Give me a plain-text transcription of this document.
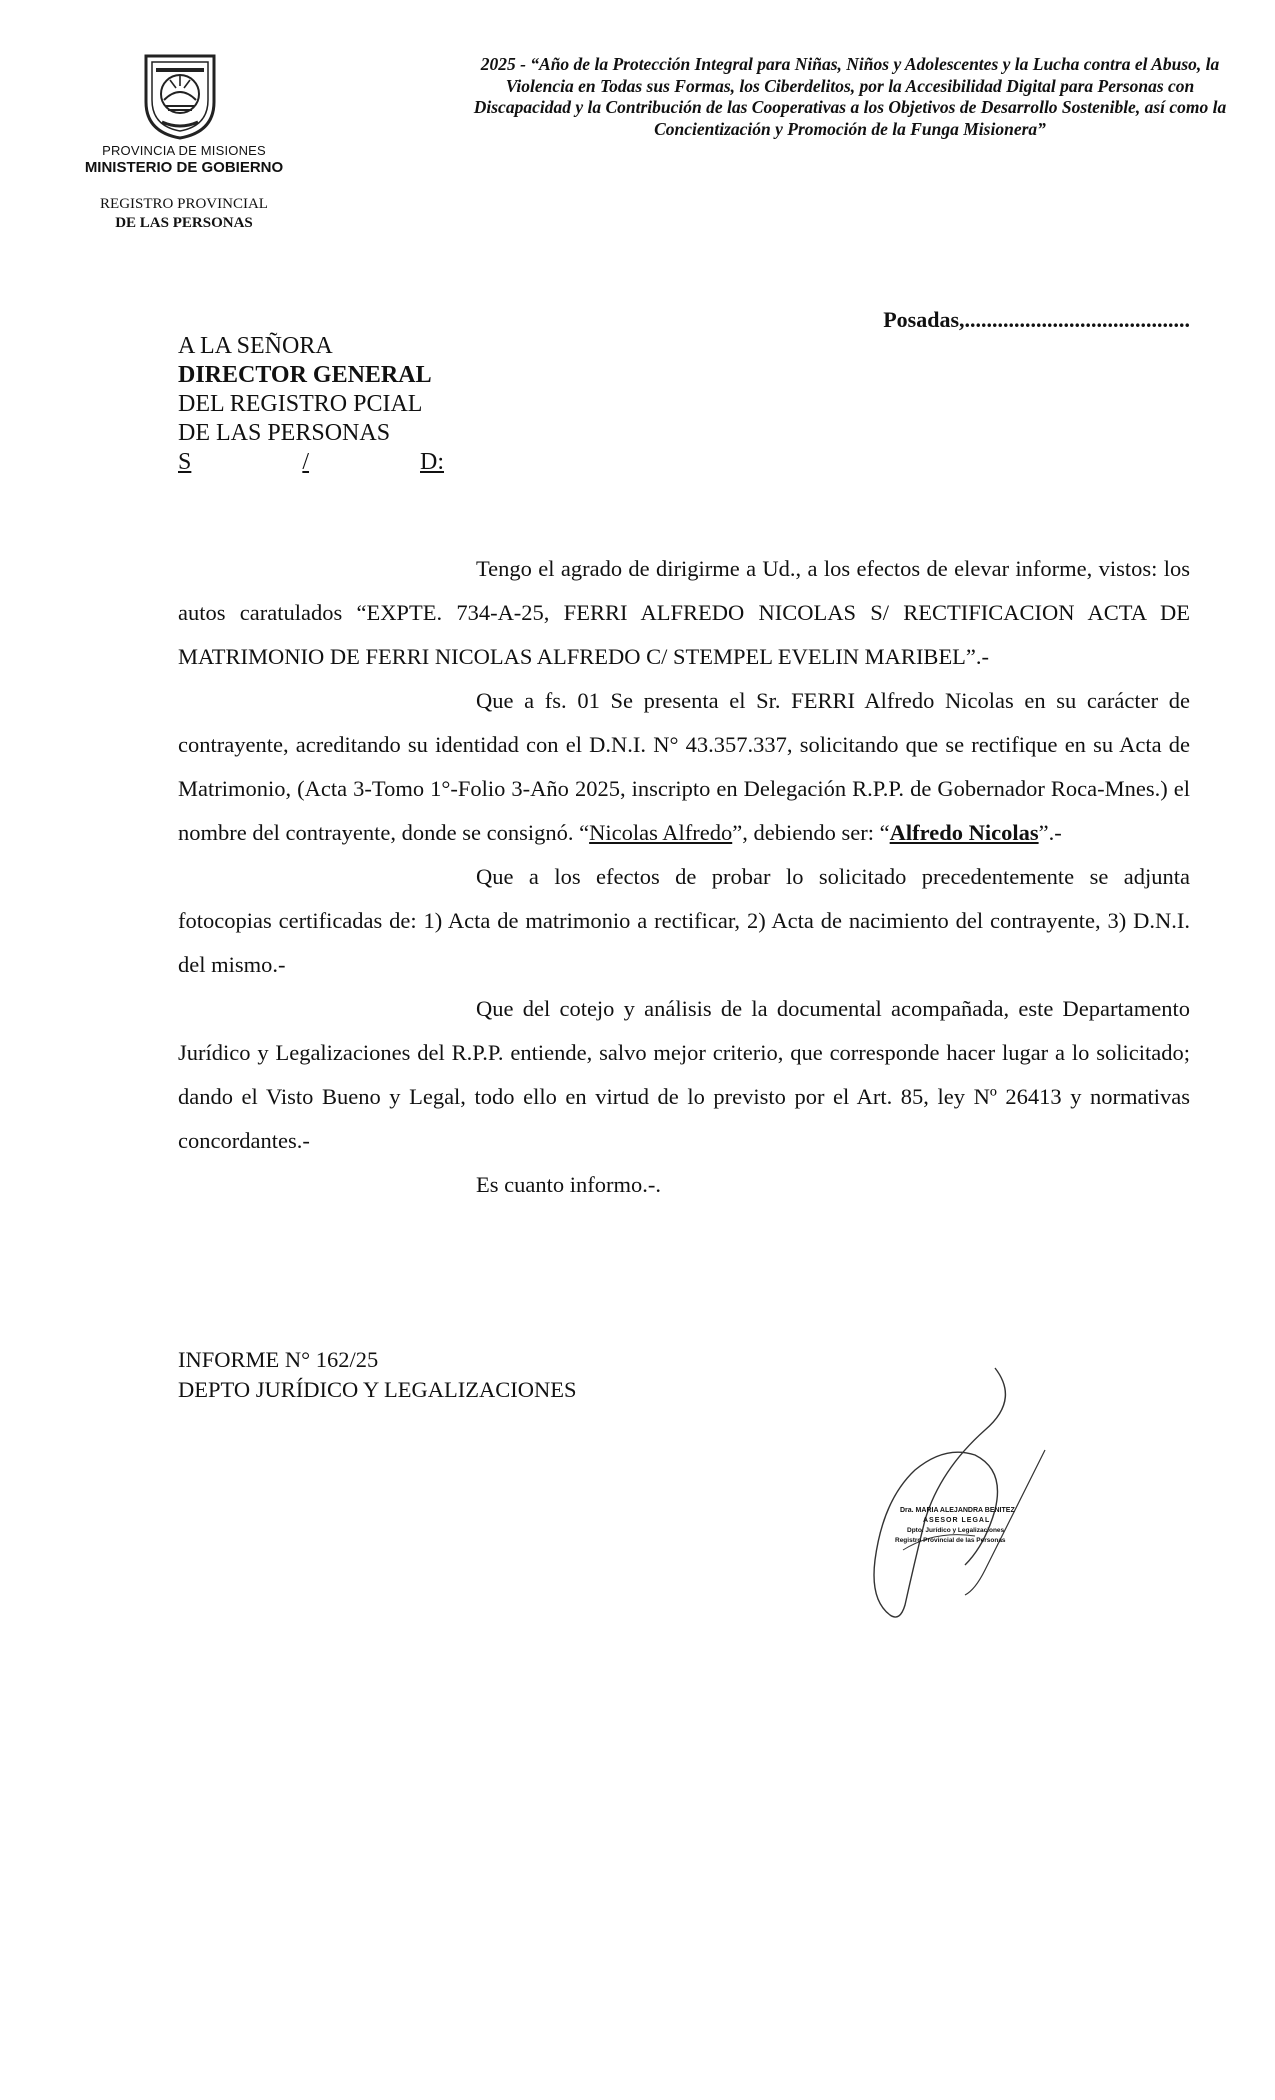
PROVINCIA DE MISIONES
MINISTERIO DE GOBIERNO
REGISTRO PROVINCIAL
DE LAS PERSONAS
2025 - “Año de la Protección Integral para Niñas, Niños y Adolescentes y la Lucha contra el Abuso, la Violencia en Todas sus Formas, los Ciberdelitos, por la Accesibilidad Digital para Personas con Discapacidad y la Contribución de las Cooperativas a los Objetivos de Desarrollo Sostenible, así como la Concientización y Promoción de la Funga Misionera”
Posadas,.........................................
A LA SEÑORA
DIRECTOR GENERAL
DEL REGISTRO PCIAL
DE LAS PERSONAS
S	/	D:

Tengo el agrado de dirigirme a Ud., a los efectos de elevar informe, vistos: los autos caratulados “EXPTE. 734-A-25, FERRI ALFREDO NICOLAS S/ RECTIFICACION ACTA DE MATRIMONIO DE FERRI NICOLAS ALFREDO C/ STEMPEL EVELIN MARIBEL”.-

Que a fs. 01 Se presenta el Sr. FERRI Alfredo Nicolas en su carácter de contrayente, acreditando su identidad con el D.N.I. N° 43.357.337, solicitando que se rectifique en su Acta de Matrimonio, (Acta 3-Tomo 1°-Folio 3-Año 2025, inscripto en Delegación R.P.P. de Gobernador Roca-Mnes.) el nombre del contrayente, donde se consignó. “Nicolas Alfredo”, debiendo ser: “Alfredo Nicolas”.-

Que a los efectos de probar lo solicitado precedentemente se adjunta fotocopias certificadas de: 1) Acta de matrimonio a rectificar, 2) Acta de nacimiento del contrayente, 3) D.N.I. del mismo.-

Que del cotejo y análisis de la documental acompañada, este Departamento Jurídico y Legalizaciones del R.P.P. entiende, salvo mejor criterio, que corresponde hacer lugar a lo solicitado; dando el Visto Bueno y Legal, todo ello en virtud de lo previsto por el Art. 85, ley Nº 26413 y normativas concordantes.-

Es cuanto informo.-.

INFORME N° 162/25
DEPTO JURÍDICO Y LEGALIZACIONES
Dra. MARIA ALEJANDRA BENITEZ
ASESOR LEGAL
Dpto. Jurídico y Legalizaciones
Registro Provincial de las Personas
